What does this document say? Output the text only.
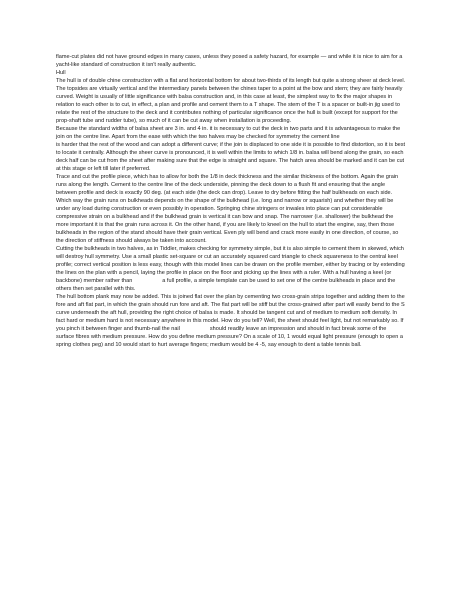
flame-cut plates did not have ground edges in many cases, unless they posed a safety hazard, for example — and while it is nice to aim for a yacht-like standard of construction it isn't really authentic.

Hull

The hull is of double chine construction with a flat and horizontal bottom for about two-thirds of its length but quite a strong sheer at deck level. The topsides are virtually vertical and the intermediary panels between the chines taper to a point at the bow and stern; they are fairly heavily curved. Weight is usually of little significance with balsa construction and, in this case at least, the simplest way to fix the major shapes in relation to each other is to cut, in effect, a plan and profile and cement them to a T shape. The stem of the T is a spacer or built-in jig used to relate the rest of the structure to the deck and it contributes nothing of particular significance once the hull is built (except for support for the prop-shaft tube and rudder tube), so much of it can be cut away when installation is proceeding.

Because the standard widths of balsa sheet are 3 in. and 4 in. it is necessary to cut the deck in two parts and it is advantageous to make the join on the centre line. Apart from the ease with which the two halves may be checked for symmetry the cement line

is harder that the rest of the wood and can adopt a different curve; if the join is displaced to one side it is possible to find distortion, so it is best to locate it centrally. Although the sheer curve is pronounced, it is well within the limits to which 1/8 in. balsa will bend along the grain, so each deck half can be cut from the sheet after making sure that the edge is straight and square. The hatch area should be marked and it can be cut at this stage or left till later if preferred.

Trace and cut the profile piece, which has to allow for both the 1/8 in deck thickness and the similar thickness of the bottom. Again the grain runs along the length. Cement to the centre line of the deck underside, pinning the deck down to a flush fit and ensuring that the angle between profile and deck is exactly 90 deg. (at each side (the deck can drop). Leave to dry before fitting the half bulkheads on each side.

Which way the grain runs on bulkheads depends on the shape of the bulkhead (i.e. long and narrow or squarish) and whether they will be under any load during construction or even possibly in operation. Springing chine stringers or inwales into place can put considerable compressive strain on a bulkhead and if the bulkhead grain is vertical it can bow and snap. The narrower (i.e. shallower) the bulkhead the more important it is that the grain runs across it. On the other hand, if you are likely to kneel on the hull to start the engine, say, then those bulkheads in the region of the stand should have their grain vertical. Even ply will bend and crack more easily in one direction, of course, so the direction of stiffness should always be taken into account.

Cutting the bulkheads in two halves, as in Tiddler, makes checking for symmetry simple, but it is also simple to cement them in skewed, which will destroy hull symmetry. Use a small plastic set-square or cut an accurately squared card triangle to check squareness to the central keel profile; correct vertical position is less easy, though with this model lines can be drawn on the profile member, either by tracing or by extending the lines on the plan with a pencil, laying the profile in place on the floor and picking up the lines with a ruler. With a hull having a keel (or backbone) member rather than	a full profile, a simple template can be used to set one of the centre bulkheads in place and the others then set parallel with this.

The hull bottom plank may now be added. This is joined flat over the plan by cementing two cross-grain strips together and adding them to the fore and aft flat part, in which the grain should run fore and aft. The flat part will be stiff but the cross-grained after part will easily bend to the S curve underneath the aft hull, providing the right choice of balsa is made. It should be tangent cut and of medium to medium soft density. In fact hard or medium hard is not necessary anywhere in this model. How do you tell? Well, the sheet should feel light, but not remarkably so. If you pinch it between finger and thumb-nail the nail	should readily leave an impression and should in fact break some of the surface fibres with medium pressure. How do you define medium pressure? On a scale of 10, 1 would equal light pressure (enough to open a spring clothes peg) and 10 would start to hurt average fingers; medium would be 4 -5, say enough to dent a table tennis ball.
